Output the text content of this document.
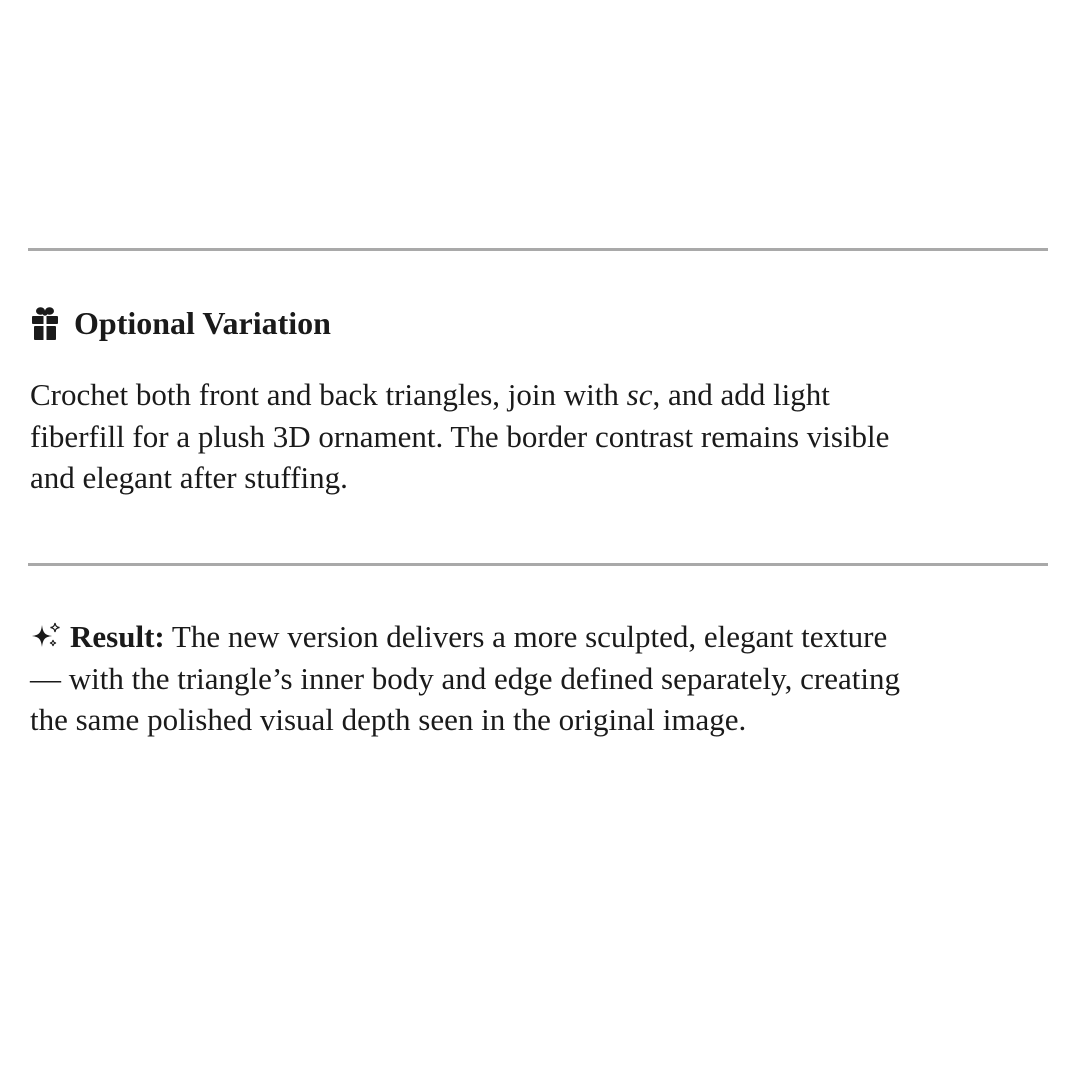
Optional Variation

Crochet both front and back triangles, join with sc, and add light
fiberfill for a plush 3D ornament. The border contrast remains visible
and elegant after stuffing.

Result: The new version delivers a more sculpted, elegant texture
— with the triangle’s inner body and edge defined separately, creating
the same polished visual depth seen in the original image.
